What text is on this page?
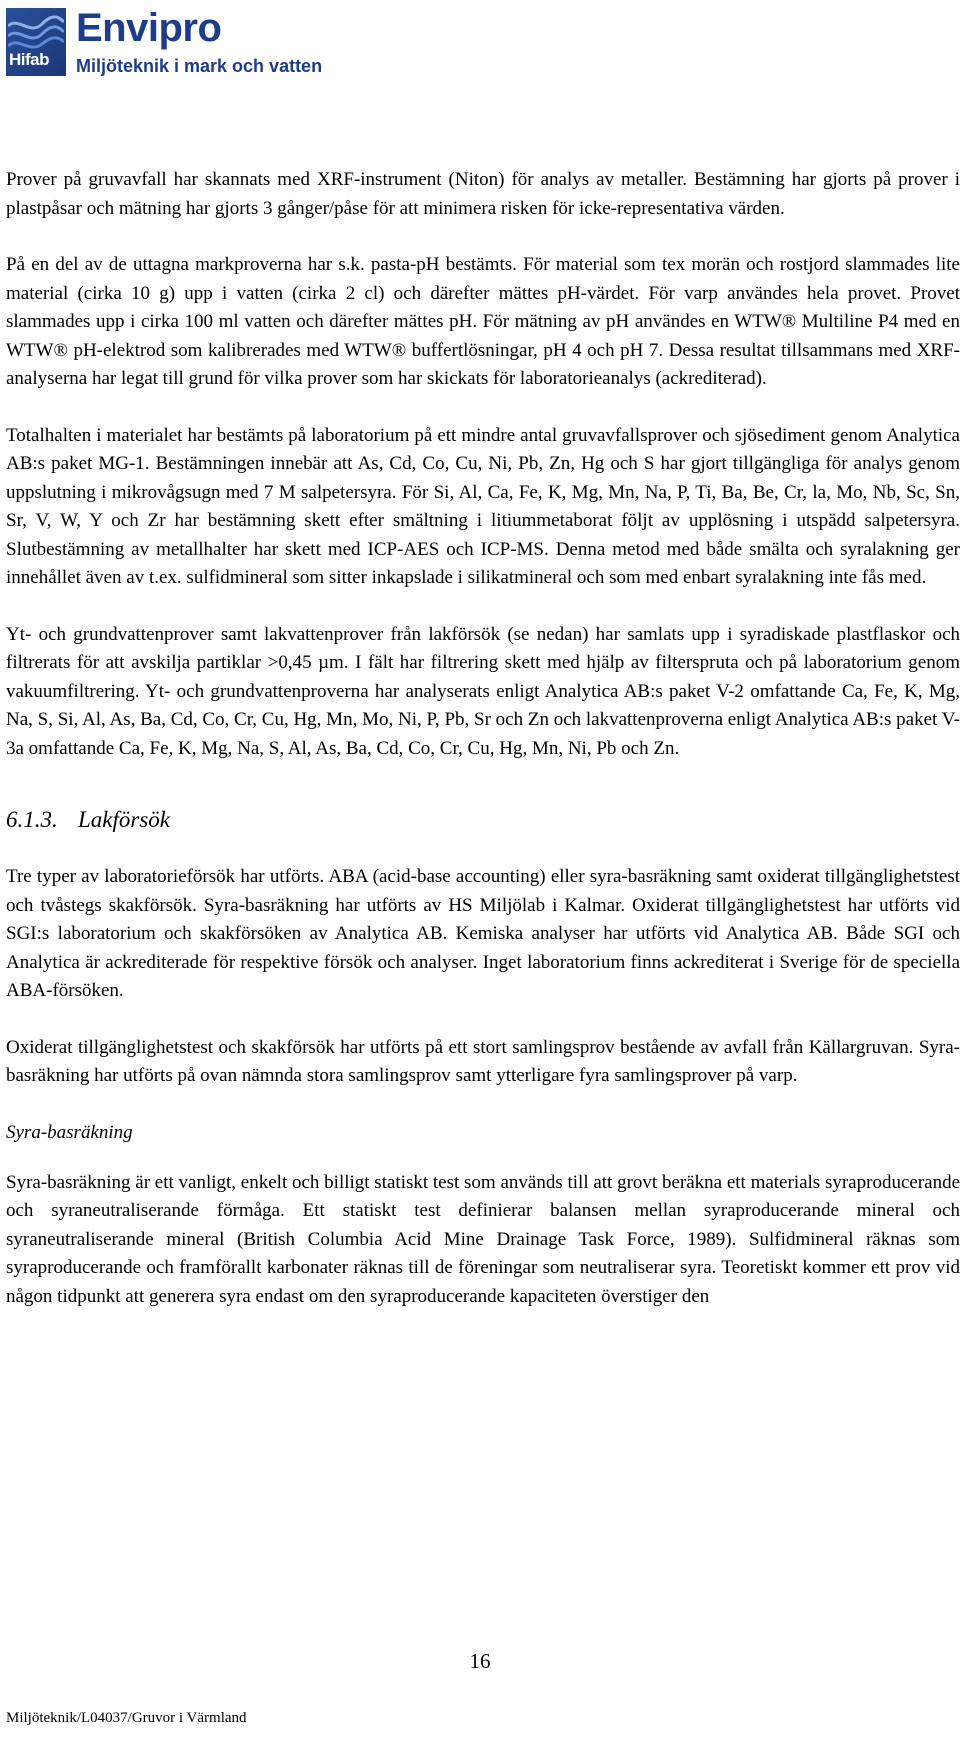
Hifab
Envipro
Miljöteknik i mark och vatten

Prover på gruvavfall har skannats med XRF-instrument (Niton) för analys av metaller. Bestämning har gjorts på prover i plastpåsar och mätning har gjorts 3 gånger/påse för att minimera risken för icke-representativa värden.

På en del av de uttagna markproverna har s.k. pasta-pH bestämts. För material som tex morän och rostjord slammades lite material (cirka 10 g) upp i vatten (cirka 2 cl) och därefter mättes pH-värdet. För varp användes hela provet. Provet slammades upp i cirka 100 ml vatten och därefter mättes pH. För mätning av pH användes en WTW® Multiline P4 med en WTW® pH-elektrod som kalibrerades med WTW® buffertlösningar, pH 4 och pH 7. Dessa resultat tillsammans med XRF-analyserna har legat till grund för vilka prover som har skickats för laboratorieanalys (ackrediterad).

Totalhalten i materialet har bestämts på laboratorium på ett mindre antal gruvavfallsprover och sjösediment genom Analytica AB:s paket MG-1. Bestämningen innebär att As, Cd, Co, Cu, Ni, Pb, Zn, Hg och S har gjort tillgängliga för analys genom uppslutning i mikrovågsugn med 7 M salpetersyra. För Si, Al, Ca, Fe, K, Mg, Mn, Na, P, Ti, Ba, Be, Cr, la, Mo, Nb, Sc, Sn, Sr, V, W, Y och Zr har bestämning skett efter smältning i litiummetaborat följt av upplösning i utspädd salpetersyra. Slutbestämning av metallhalter har skett med ICP-AES och ICP-MS. Denna metod med både smälta och syralakning ger innehållet även av t.ex. sulfidmineral som sitter inkapslade i silikatmineral och som med enbart syralakning inte fås med.

Yt- och grundvattenprover samt lakvattenprover från lakförsök (se nedan) har samlats upp i syradiskade plastflaskor och filtrerats för att avskilja partiklar >0,45 µm. I fält har filtrering skett med hjälp av filterspruta och på laboratorium genom vakuumfiltrering. Yt- och grundvattenproverna har analyserats enligt Analytica AB:s paket V-2 omfattande Ca, Fe, K, Mg, Na, S, Si, Al, As, Ba, Cd, Co, Cr, Cu, Hg, Mn, Mo, Ni, P, Pb, Sr och Zn och lakvattenproverna enligt Analytica AB:s paket V-3a omfattande Ca, Fe, K, Mg, Na, S, Al, As, Ba, Cd, Co, Cr, Cu, Hg, Mn, Ni, Pb och Zn.

6.1.3. Lakförsök

Tre typer av laboratorieförsök har utförts. ABA (acid-base accounting) eller syra-basräkning samt oxiderat tillgänglighetstest och tvåstegs skakförsök. Syra-basräkning har utförts av HS Miljölab i Kalmar. Oxiderat tillgänglighetstest har utförts vid SGI:s laboratorium och skakförsöken av Analytica AB. Kemiska analyser har utförts vid Analytica AB. Både SGI och Analytica är ackrediterade för respektive försök och analyser. Inget laboratorium finns ackrediterat i Sverige för de speciella ABA-försöken.

Oxiderat tillgänglighetstest och skakförsök har utförts på ett stort samlingsprov bestående av avfall från Källargruvan. Syra-basräkning har utförts på ovan nämnda stora samlingsprov samt ytterligare fyra samlingsprover på varp.

Syra-basräkning

Syra-basräkning är ett vanligt, enkelt och billigt statiskt test som används till att grovt beräkna ett materials syraproducerande och syraneutraliserande förmåga. Ett statiskt test definierar balansen mellan syraproducerande mineral och syraneutraliserande mineral (British Columbia Acid Mine Drainage Task Force, 1989). Sulfidmineral räknas som syraproducerande och framförallt karbonater räknas till de föreningar som neutraliserar syra. Teoretiskt kommer ett prov vid någon tidpunkt att generera syra endast om den syraproducerande kapaciteten överstiger den

16
Miljöteknik/L04037/Gruvor i Värmland
